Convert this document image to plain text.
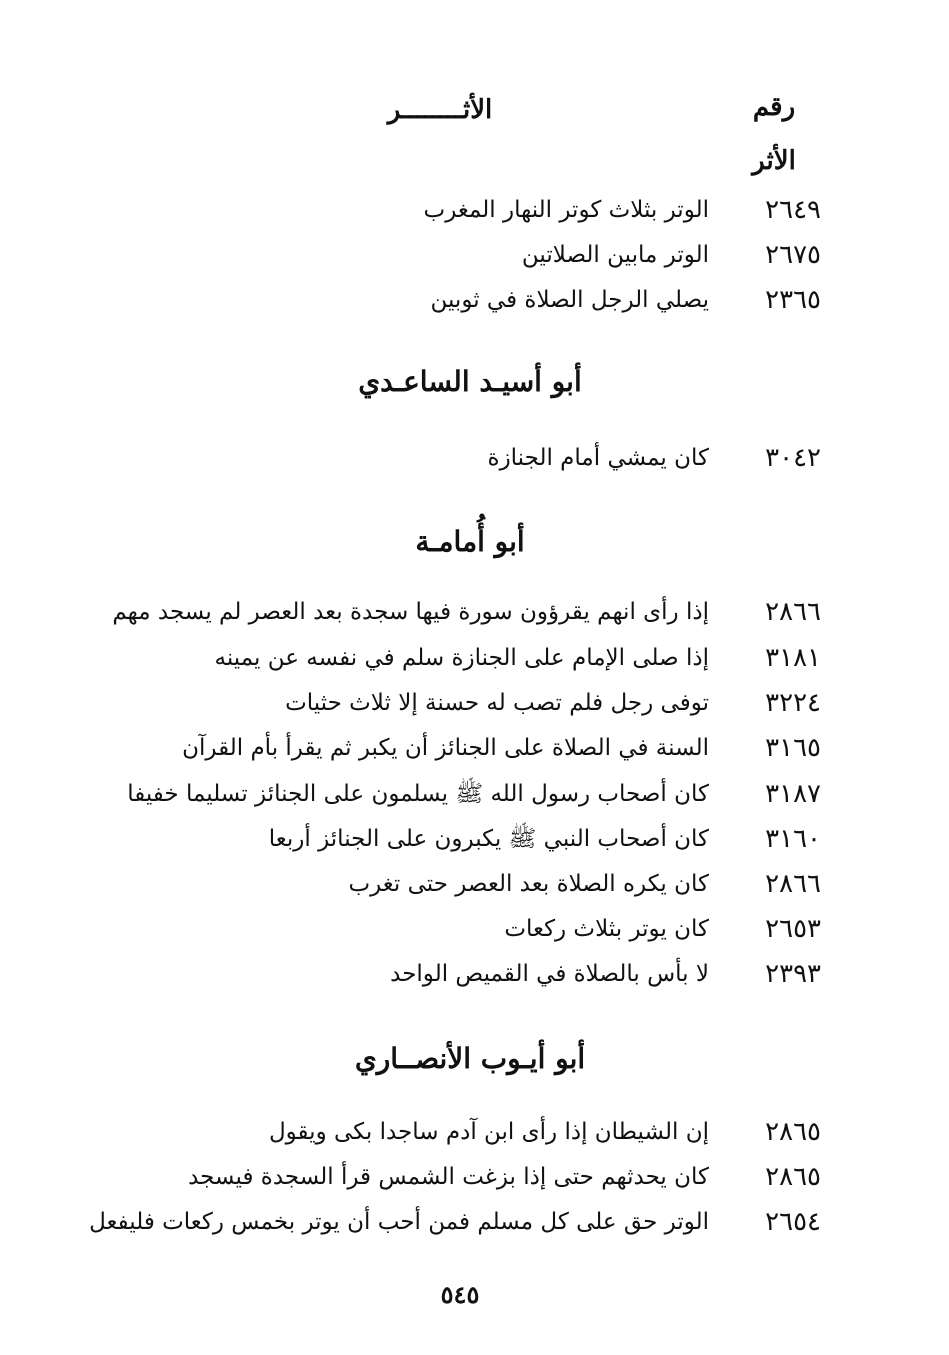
رقم
الأثر
الأثــــــــر
٢٦٤٩
الوتر بثلاث كوتر النهار المغرب
٢٦٧٥
الوتر مابين الصلاتين
٢٣٦٥
يصلي الرجل الصلاة في ثوبين
أبو أسيـد الساعـدي
٣٠٤٢
كان يمشي أمام الجنازة
أبو أُمامـة
٢٨٦٦
إذا رأى انهم يقرؤون سورة فيها سجدة بعد العصر لم يسجد مهم
٣١٨١
إذا صلى الإمام على الجنازة سلم في نفسه عن يمينه
٣٢٢٤
توفى رجل فلم تصب له حسنة إلا ثلاث حثيات
٣١٦٥
السنة في الصلاة على الجنائز أن يكبر ثم يقرأ بأم القرآن
٣١٨٧
كان أصحاب رسول الله ﷺ يسلمون على الجنائز تسليما خفيفا
٣١٦٠
كان أصحاب النبي ﷺ يكبرون على الجنائز أربعا
٢٨٦٦
كان يكره الصلاة بعد العصر حتى تغرب
٢٦٥٣
كان يوتر بثلاث ركعات
٢٣٩٣
لا بأس بالصلاة في القميص الواحد
أبو أيـوب الأنصــاري
٢٨٦٥
إن الشيطان إذا رأى ابن آدم ساجدا بكى ويقول
٢٨٦٥
كان يحدثهم حتى إذا بزغت الشمس قرأ السجدة فيسجد
٢٦٥٤
الوتر حق على كل مسلم فمن أحب أن يوتر بخمس ركعات فليفعل
٥٤٥
